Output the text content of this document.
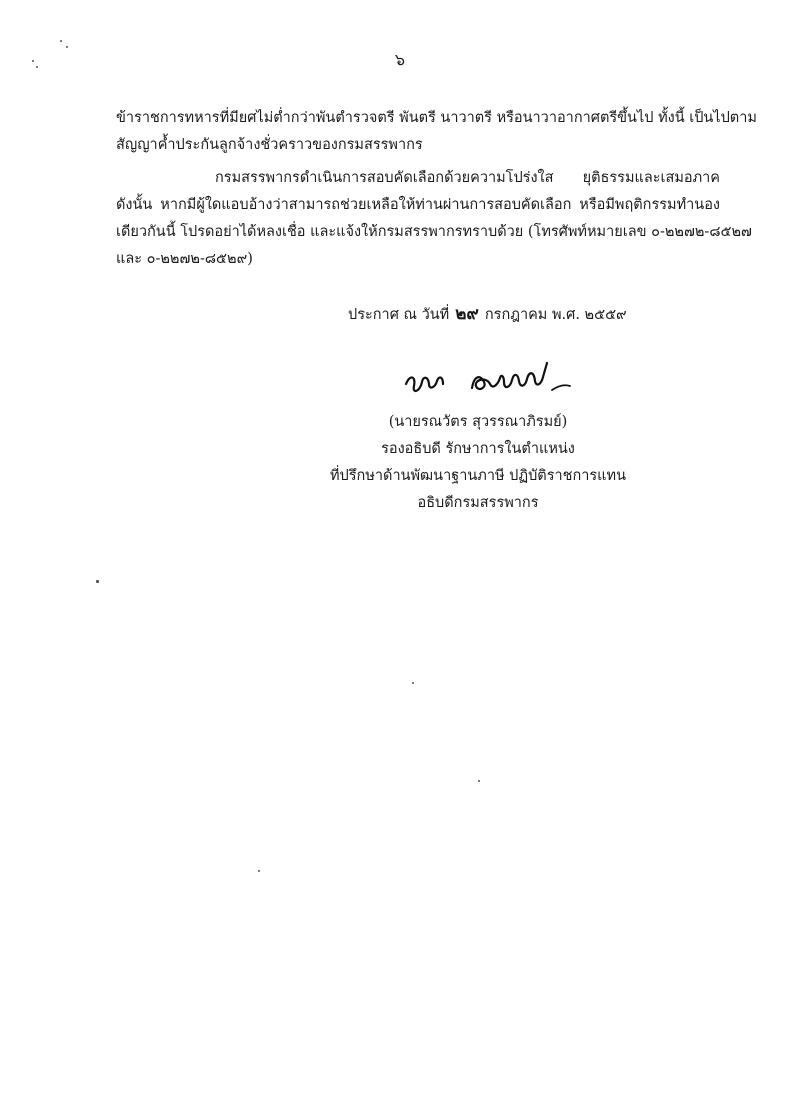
๖
ข้าราชการทหารที่มียศไม่ต่ำกว่าพันตำรวจตรี พันตรี นาวาตรี หรือนาวาอากาศตรีขึ้นไป ทั้งนี้ เป็นไปตาม
สัญญาค้ำประกันลูกจ้างชั่วคราวของกรมสรรพากร
กรมสรรพากรดำเนินการสอบคัดเลือกด้วยความโปร่งใส ยุติธรรมและเสมอภาค
ดังนั้น หากมีผู้ใดแอบอ้างว่าสามารถช่วยเหลือให้ท่านผ่านการสอบคัดเลือก หรือมีพฤติกรรมทำนอง
เดียวกันนี้ โปรดอย่าได้หลงเชื่อ และแจ้งให้กรมสรรพากรทราบด้วย (โทรศัพท์หมายเลข ๐-๒๒๗๒-๘๕๒๗
และ ๐-๒๒๗๒-๘๕๒๙)
ประกาศ ณ วันที่ ๒๙ กรกฎาคม พ.ศ. ๒๕๕๙
(นายรณวัตร สุวรรณาภิรมย์)
รองอธิบดี รักษาการในตำแหน่ง
ที่ปรึกษาด้านพัฒนาฐานภาษี ปฏิบัติราชการแทน
อธิบดีกรมสรรพากร
